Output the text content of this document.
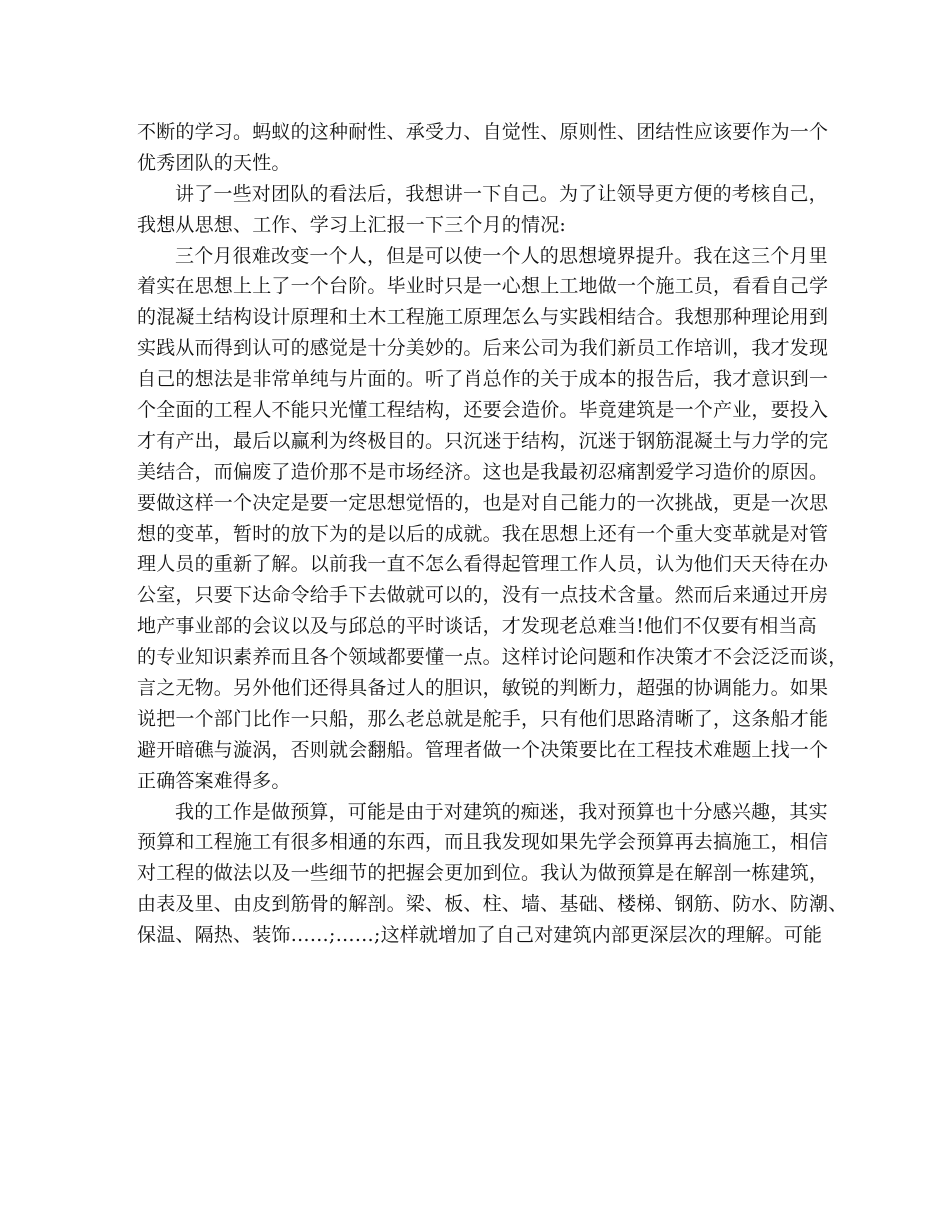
不断的学习。蚂蚁的这种耐性、承受力、自觉性、原则性、团结性应该要作为一个
优秀团队的天性。
讲了一些对团队的看法后，我想讲一下自己。为了让领导更方便的考核自己，
我想从思想、工作、学习上汇报一下三个月的情况:
三个月很难改变一个人，但是可以使一个人的思想境界提升。我在这三个月里
着实在思想上上了一个台阶。毕业时只是一心想上工地做一个施工员，看看自己学
的混凝土结构设计原理和土木工程施工原理怎么与实践相结合。我想那种理论用到
实践从而得到认可的感觉是十分美妙的。后来公司为我们新员工作培训，我才发现
自己的想法是非常单纯与片面的。听了肖总作的关于成本的报告后，我才意识到一
个全面的工程人不能只光懂工程结构，还要会造价。毕竟建筑是一个产业，要投入
才有产出，最后以赢利为终极目的。只沉迷于结构，沉迷于钢筋混凝土与力学的完
美结合，而偏废了造价那不是市场经济。这也是我最初忍痛割爱学习造价的原因。
要做这样一个决定是要一定思想觉悟的，也是对自己能力的一次挑战，更是一次思
想的变革，暂时的放下为的是以后的成就。我在思想上还有一个重大变革就是对管
理人员的重新了解。以前我一直不怎么看得起管理工作人员，认为他们天天待在办
公室，只要下达命令给手下去做就可以的，没有一点技术含量。然而后来通过开房
地产事业部的会议以及与邱总的平时谈话，才发现老总难当!他们不仅要有相当高
的专业知识素养而且各个领域都要懂一点。这样讨论问题和作决策才不会泛泛而谈，
言之无物。另外他们还得具备过人的胆识，敏锐的判断力，超强的协调能力。如果
说把一个部门比作一只船，那么老总就是舵手，只有他们思路清晰了，这条船才能
避开暗礁与漩涡，否则就会翻船。管理者做一个决策要比在工程技术难题上找一个
正确答案难得多。
我的工作是做预算，可能是由于对建筑的痴迷，我对预算也十分感兴趣，其实
预算和工程施工有很多相通的东西，而且我发现如果先学会预算再去搞施工，相信
对工程的做法以及一些细节的把握会更加到位。我认为做预算是在解剖一栋建筑，
由表及里、由皮到筋骨的解剖。梁、板、柱、墙、基础、楼梯、钢筋、防水、防潮、
保温、隔热、装饰……;……;这样就增加了自己对建筑内部更深层次的理解。可能
